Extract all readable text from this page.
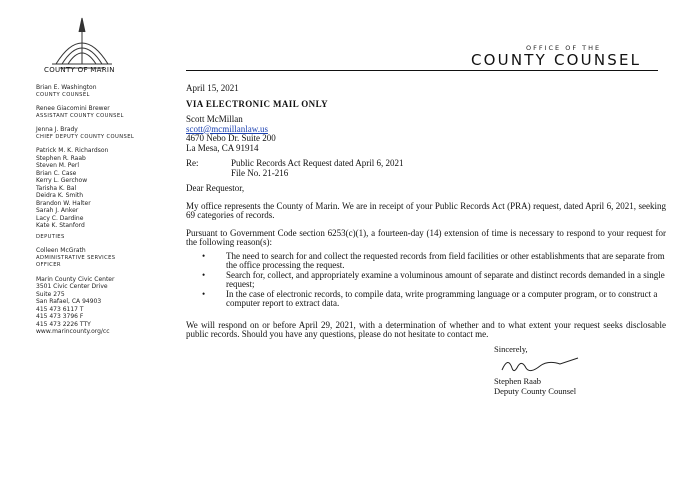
COUNTY OF MARIN
OFFICE OF THE
COUNTY COUNSEL
Brian E. Washington
COUNTY COUNSEL
Renee Giacomini Brewer
ASSISTANT COUNTY COUNSEL
Jenna J. Brady
CHIEF DEPUTY COUNTY COUNSEL
Patrick M. K. Richardson
Stephen R. Raab
Steven M. Perl
Brian C. Case
Kerry L. Gerchow
Tarisha K. Bal
Deidra K. Smith
Brandon W. Halter
Sarah J. Anker
Lacy C. Dardine
Kate K. Stanford
DEPUTIES
Colleen McGrath
ADMINISTRATIVE SERVICES
OFFICER
Marin County Civic Center
3501 Civic Center Drive
Suite 275
San Rafael, CA 94903
415 473 6117 T
415 473 3796 F
415 473 2226 TTY
www.marincounty.org/cc

April 15, 2021

VIA ELECTRONIC MAIL ONLY

Scott McMillan

scott@mcmillanlaw.us

4670 Nebo Dr. Suite 200

La Mesa, CA 91914

Re:	Public Records Act Request dated April 6, 2021
File No. 21-216

Dear Requestor,

My office represents the County of Marin. We are in receipt of your Public Records Act (PRA) request, dated April 6, 2021, seeking 69 categories of records.

Pursuant to Government Code section 6253(c)(1), a fourteen-day (14) extension of time is necessary to respond to your request for the following reason(s):

• The need to search for and collect the requested records from field facilities or other establishments that are separate from the office processing the request.
• Search for, collect, and appropriately examine a voluminous amount of separate and distinct records demanded in a single request;
• In the case of electronic records, to compile data, write programming language or a computer program, or to construct a computer report to extract data.

We will respond on or before April 29, 2021, with a determination of whether and to what extent your request seeks disclosable public records. Should you have any questions, please do not hesitate to contact me.

Sincerely,
Stephen Raab
Deputy County Counsel
